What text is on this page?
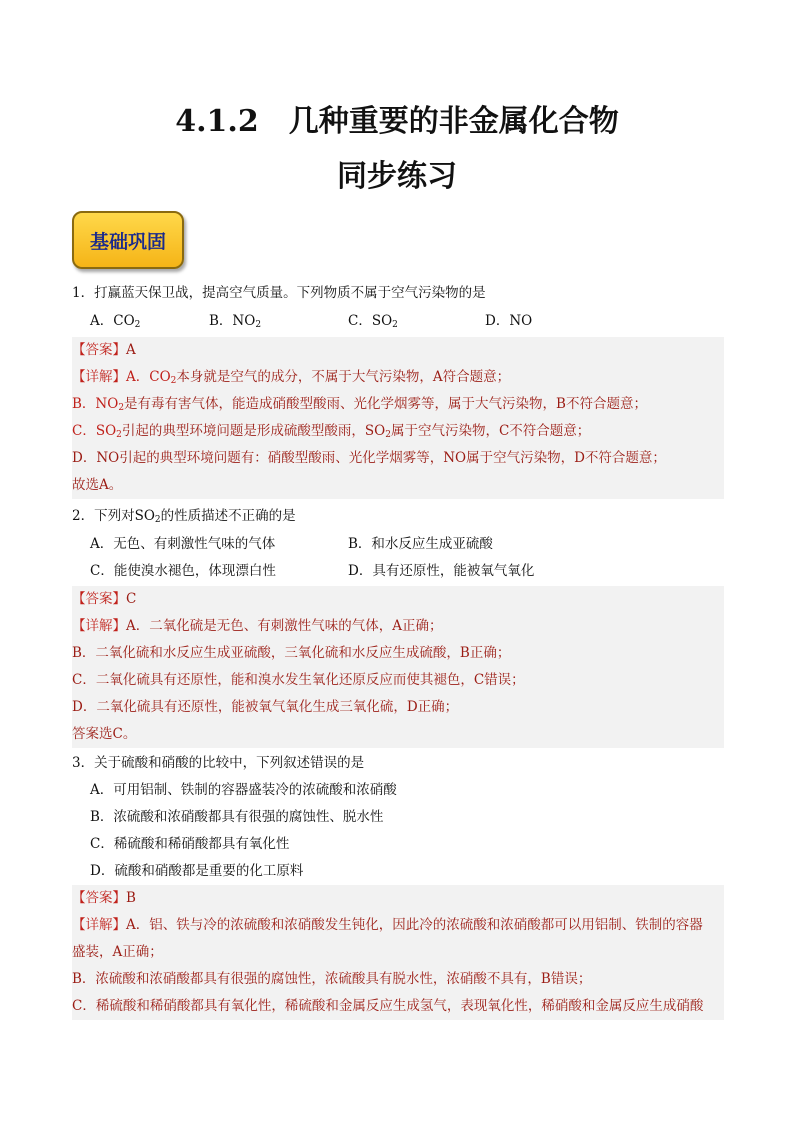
4.1.2　几种重要的非金属化合物
同步练习
基础巩固
1．打赢蓝天保卫战，提高空气质量。下列物质不属于空气污染物的是
A．$CO_2$	B．$NO_2$	C．$SO_2$	D．NO
【答案】A
【详解】A．$CO_2$本身就是空气的成分，不属于大气污染物，A符合题意；
B．$NO_2$是有毒有害气体，能造成硝酸型酸雨、光化学烟雾等，属于大气污染物，B不符合题意；
C．$SO_2$引起的典型环境问题是形成硫酸型酸雨，$SO_2$属于空气污染物，C不符合题意；
D．NO引起的典型环境问题有：硝酸型酸雨、光化学烟雾等，NO属于空气污染物，D不符合题意；
故选A。
2．下列对$SO_2$的性质描述不正确的是
A．无色、有刺激性气味的气体	B．和水反应生成亚硫酸
C．能使溴水褪色，体现漂白性	D．具有还原性，能被氧气氧化
【答案】C
【详解】A．二氧化硫是无色、有刺激性气味的气体，A正确；
B．二氧化硫和水反应生成亚硫酸，三氧化硫和水反应生成硫酸，B正确；
C．二氧化硫具有还原性，能和溴水发生氧化还原反应而使其褪色，C错误；
D．二氧化硫具有还原性，能被氧气氧化生成三氧化硫，D正确；
答案选C。
3．关于硫酸和硝酸的比较中，下列叙述错误的是
A．可用铝制、铁制的容器盛装冷的浓硫酸和浓硝酸
B．浓硫酸和浓硝酸都具有很强的腐蚀性、脱水性
C．稀硫酸和稀硝酸都具有氧化性
D．硫酸和硝酸都是重要的化工原料
【答案】B
【详解】A．铝、铁与冷的浓硫酸和浓硝酸发生钝化，因此冷的浓硫酸和浓硝酸都可以用铝制、铁制的容器
盛装，A正确；
B．浓硫酸和浓硝酸都具有很强的腐蚀性，浓硫酸具有脱水性，浓硝酸不具有，B错误；
C．稀硫酸和稀硝酸都具有氧化性，稀硫酸和金属反应生成氢气，表现氧化性，稀硝酸和金属反应生成硝酸
